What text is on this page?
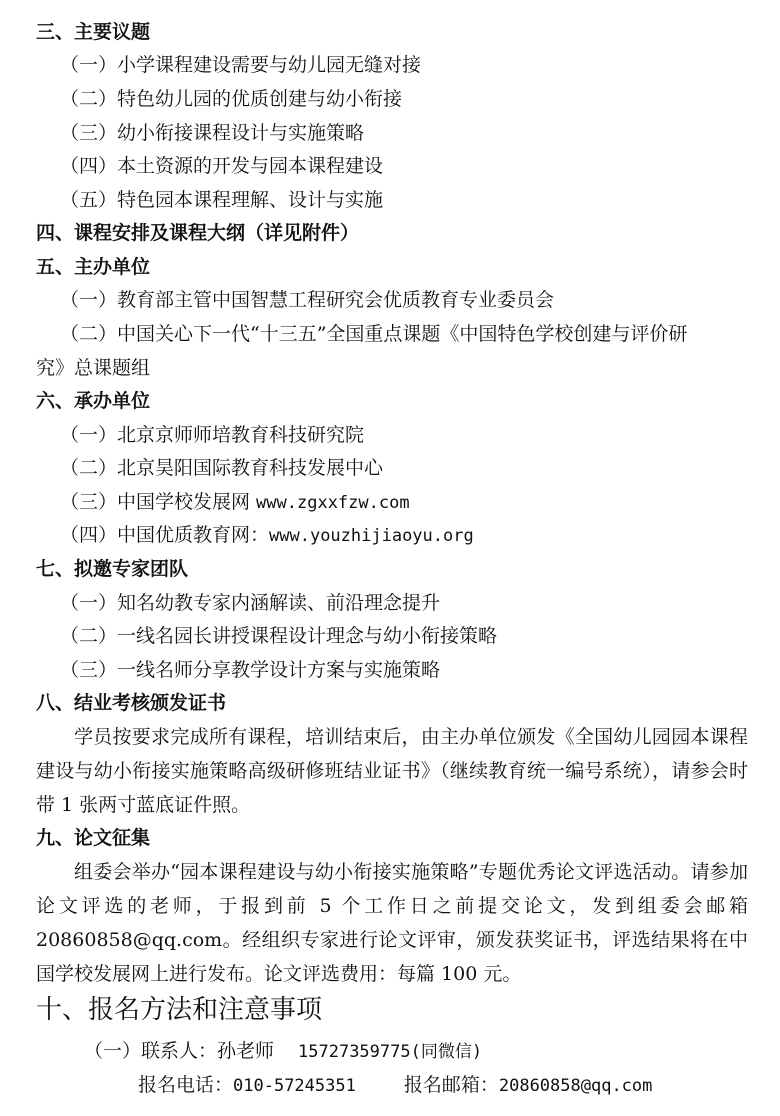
三、主要议题
（一）小学课程建设需要与幼儿园无缝对接
（二）特色幼儿园的优质创建与幼小衔接
（三）幼小衔接课程设计与实施策略
（四）本土资源的开发与园本课程建设
（五）特色园本课程理解、设计与实施
四、课程安排及课程大纲（详见附件）
五、主办单位
（一）教育部主管中国智慧工程研究会优质教育专业委员会
（二）中国关心下一代“十三五”全国重点课题《中国特色学校创建与评价研
究》总课题组
六、承办单位
（一）北京京师师培教育科技研究院
（二）北京昊阳国际教育科技发展中心
（三）中国学校发展网 www.zgxxfzw.com
（四）中国优质教育网：www.youzhijiaoyu.org
七、拟邀专家团队
（一）知名幼教专家内涵解读、前沿理念提升
（二）一线名园长讲授课程设计理念与幼小衔接策略
（三）一线名师分享教学设计方案与实施策略
八、结业考核颁发证书
学员按要求完成所有课程，培训结束后，由主办单位颁发《全国幼儿园园本课程建设与幼小衔接实施策略高级研修班结业证书》（继续教育统一编号系统），请参会时带 1 张两寸蓝底证件照。
九、论文征集
组委会举办“园本课程建设与幼小衔接实施策略”专题优秀论文评选活动。请参加论文评选的老师，于报到前 5 个工作日之前提交论文，发到组委会邮箱 20860858@qq.com。经组织专家进行论文评审，颁发获奖证书，评选结果将在中国学校发展网上进行发布。论文评选费用：每篇 100 元。
十、报名方法和注意事项
（一）联系人：孙老师 15727359775(同微信)
报名电话：010-57245351	报名邮箱：20860858@qq.com
